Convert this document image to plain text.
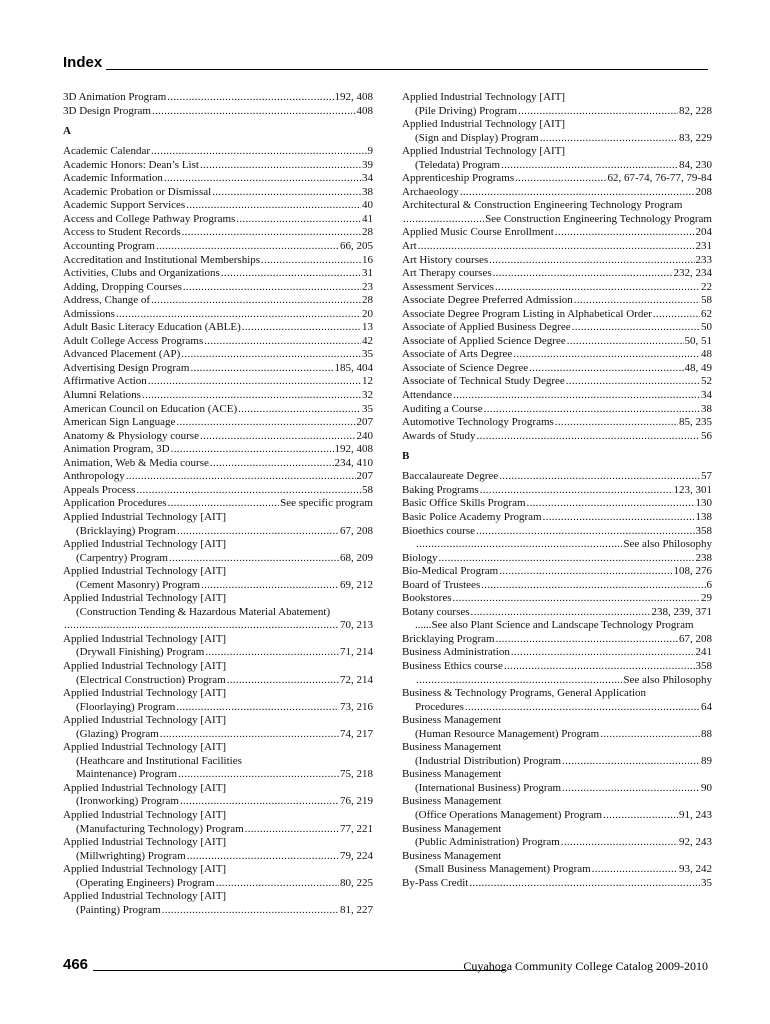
Index
3D Animation Program .....	192, 408
3D Design Program .....	408
A
Academic Calendar .....	9
Academic Honors: Dean’s List .....	39
Academic Information .....	34
Academic Probation or Dismissal .....	38
Academic Support Services .....	40
Access and College Pathway Programs .....	41
Access to Student Records .....	28
Accounting Program .....	66, 205
Accreditation and Institutional Memberships .....	16
Activities, Clubs and Organizations .....	31
Adding, Dropping Courses .....	23
Address, Change of .....	28
Admissions .....	20
Adult Basic Literacy Education (ABLE) .....	13
Adult College Access Programs .....	42
Advanced Placement (AP) .....	35
Advertising Design Program .....	185, 404
Affirmative Action .....	12
Alumni Relations .....	32
American Council on Education (ACE) .....	35
American Sign Language .....	207
Anatomy & Physiology course .....	240
Animation Program, 3D .....	192, 408
Animation, Web & Media course .....	234, 410
Anthropology .....	207
Appeals Process .....	58
Application Procedures .....	See specific program
Applied Industrial Technology [AIT]
(Bricklaying) Program .....	67, 208
Applied Industrial Technology [AIT]
(Carpentry) Program .....	68, 209
Applied Industrial Technology [AIT]
(Cement Masonry) Program .....	69, 212
Applied Industrial Technology [AIT]
(Construction Tending & Hazardous Material Abatement)
.....
70, 213
Applied Industrial Technology [AIT]
(Drywall Finishing) Program .....	71, 214
Applied Industrial Technology [AIT]
(Electrical Construction) Program .....	72, 214
Applied Industrial Technology [AIT]
(Floorlaying) Program .....	73, 216
Applied Industrial Technology [AIT]
(Glazing) Program .....	74, 217
Applied Industrial Technology [AIT]
(Heathcare and Institutional Facilities
Maintenance) Program .....	75, 218
Applied Industrial Technology [AIT]
(Ironworking) Program .....	76, 219
Applied Industrial Technology [AIT]
(Manufacturing Technology) Program .....	77, 221
Applied Industrial Technology [AIT]
(Millwrighting) Program .....	79, 224
Applied Industrial Technology [AIT]
(Operating Engineers) Program .....	80, 225
Applied Industrial Technology [AIT]
(Painting) Program .....	81, 227
Applied Industrial Technology [AIT]
(Pile Driving) Program .....	82, 228
Applied Industrial Technology [AIT]
(Sign and Display) Program .....	83, 229
Applied Industrial Technology [AIT]
(Teledata) Program .....	84, 230
Apprenticeship Programs .....	62, 67-74, 76-77, 79-84
Archaeology .....	208
Architectural & Construction Engineering Technology Program
.....
See Construction Engineering Technology Program
Applied Music Course Enrollment .....	204
Art .....	231
Art History courses .....	233
Art Therapy courses .....	232, 234
Assessment Services .....	22
Associate Degree Preferred Admission .....	58
Associate Degree Program Listing in Alphabetical Order .....	62
Associate of Applied Business Degree .....	50
Associate of Applied Science Degree .....	50, 51
Associate of Arts Degree .....	48
Associate of Science Degree .....	48, 49
Associate of Technical Study Degree .....	52
Attendance .....	34
Auditing a Course .....	38
Automotive Technology Programs .....	85, 235
Awards of Study .....	56
B
Baccalaureate Degree .....	57
Baking Programs .....	123, 301
Basic Office Skills Program .....	130
Basic Police Academy Program .....	138
Bioethics course .....	358
.....
See also Philosophy
Biology .....	238
Bio-Medical Program .....	108, 276
Board of Trustees .....	6
Bookstores .....	29
Botany courses .....	238, 239, 371
......See also Plant Science and Landscape Technology Program
Bricklaying Program .....	67, 208
Business Administration .....	241
Business Ethics course .....	358
.....
See also Philosophy
Business & Technology Programs, General Application
Procedures .....	64
Business Management
(Human Resource Management) Program .....	88
Business Management
(Industrial Distribution) Program .....	89
Business Management
(International Business) Program .....	90
Business Management
(Office Operations Management) Program .....	91, 243
Business Management
(Public Administration) Program .....	92, 243
Business Management
(Small Business Management) Program .....	93, 242
By-Pass Credit .....	35
466	Cuyahoga Community College Catalog 2009-2010
